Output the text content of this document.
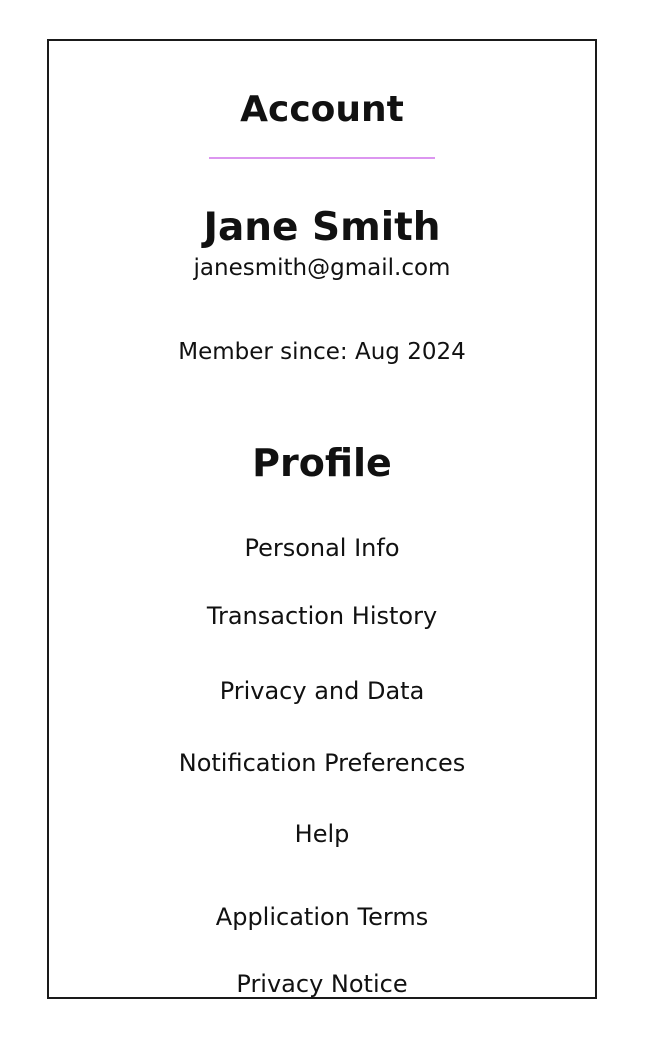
Account
Jane Smith
janesmith@gmail.com
Member since: Aug 2024
Profile
Personal Info
Transaction History
Privacy and Data
Notification Preferences
Help
Application Terms
Privacy Notice
